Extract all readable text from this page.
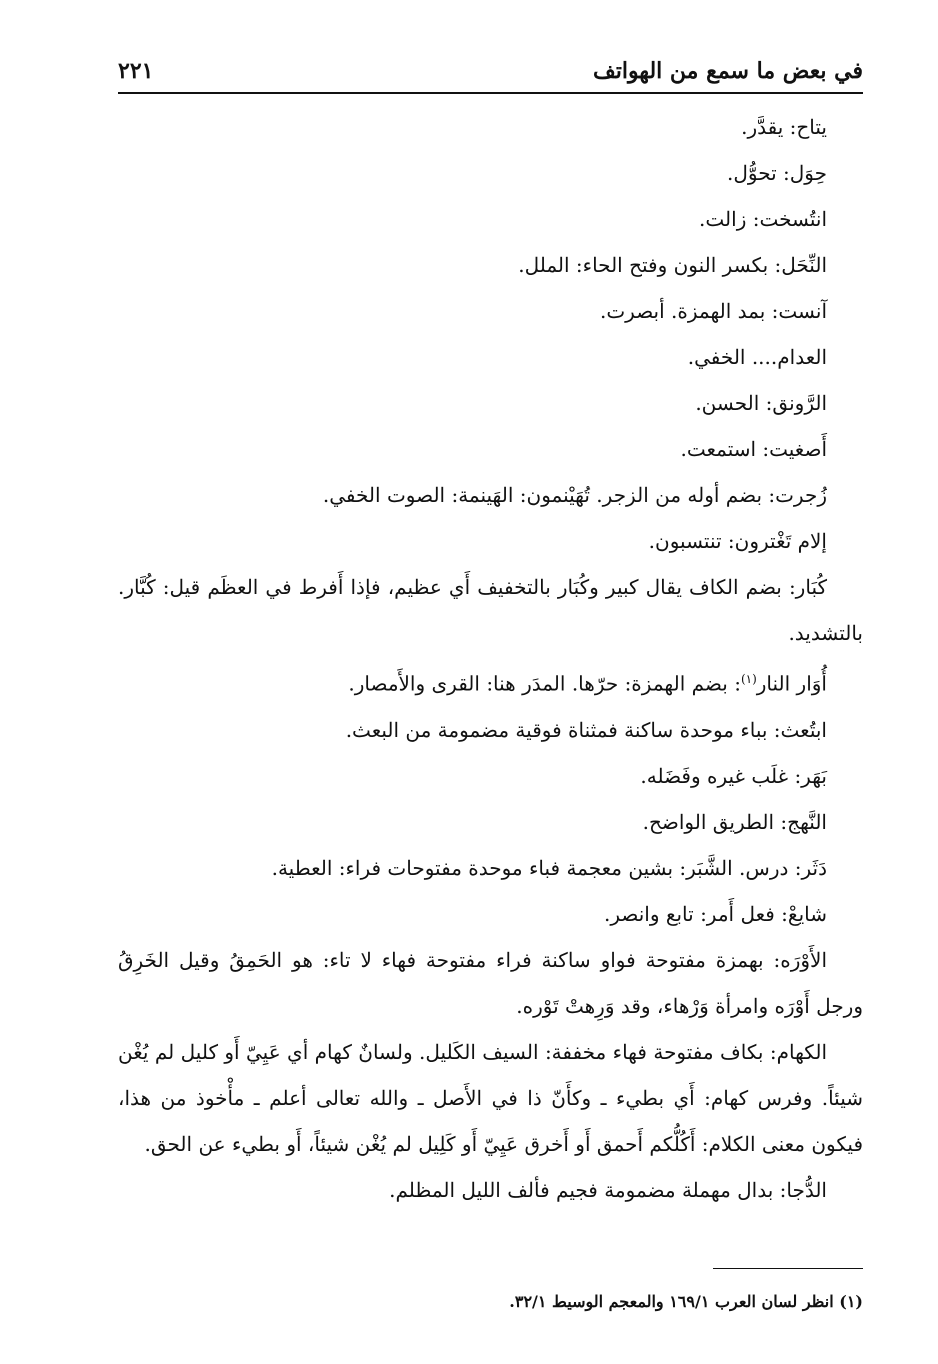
في بعض ما سمع من الهواتف
٢٢١

يتاح: يقدَّر.

حِوَل: تحوُّل.

انتُسخت: زالت.

النِّحَل: بكسر النون وفتح الحاء: الملل.

آنست: بمد الهمزة. أبصرت.

العدام.... الخفي.

الرَّونق: الحسن.

أَصغيت: استمعت.

زُجرت: بضم أوله من الزجر. تُهَيْنمون: الهَينمة: الصوت الخفي.

إلام تَغْترون: تنتسبون.

كُبَار: بضم الكاف يقال كبير وكُبَار بالتخفيف أَي عظيم، فإذا أَفرط في العظَم قيل: كُبَّار. بالتشديد.

أُوَار النار$^{(١)}$: بضم الهمزة: حرّها. المدَر هنا: القرى والأَمصار.

ابتُعث: بباء موحدة ساكنة فمثناة فوقية مضمومة من البعث.

بَهَر: غلَب غيره وفَضَله.

النَّهج: الطريق الواضح.

دَثَر: درس. الشَّبَر: بشين معجمة فباء موحدة مفتوحات فراء: العطية.

شايعْ: فعل أَمر: تابع وانصر.

الأَوْرَه: بهمزة مفتوحة فواو ساكنة فراء مفتوحة فهاء لا تاء: هو الحَمِقُ وقيل الخَرِقُ ورجل أَوْرَه وامرأة وَرْهاء، وقد وَرِهتْ تَوْره.

الكهام: بكاف مفتوحة فهاء مخففة: السيف الكَليل. ولسانٌ كهام أي عَيِيّ أَو كليل لم يُغْن شيئاً. وفرس كهام: أَي بطيء ـ وكأَنّ ذا في الأَصل ـ والله تعالى أعلم ـ مأْخوذ من هذا، فيكون معنى الكلام: أَكُلُّكم أَحمق أَو أَخرق عَيِيّ أَو كَلِيل لم يُغْن شيئاً، أَو بطيء عن الحق.

الدُّجا: بدال مهملة مضمومة فجيم فألف الليل المظلم.

(١) انظر لسان العرب ١٦٩/١ والمعجم الوسيط ٣٢/١.
